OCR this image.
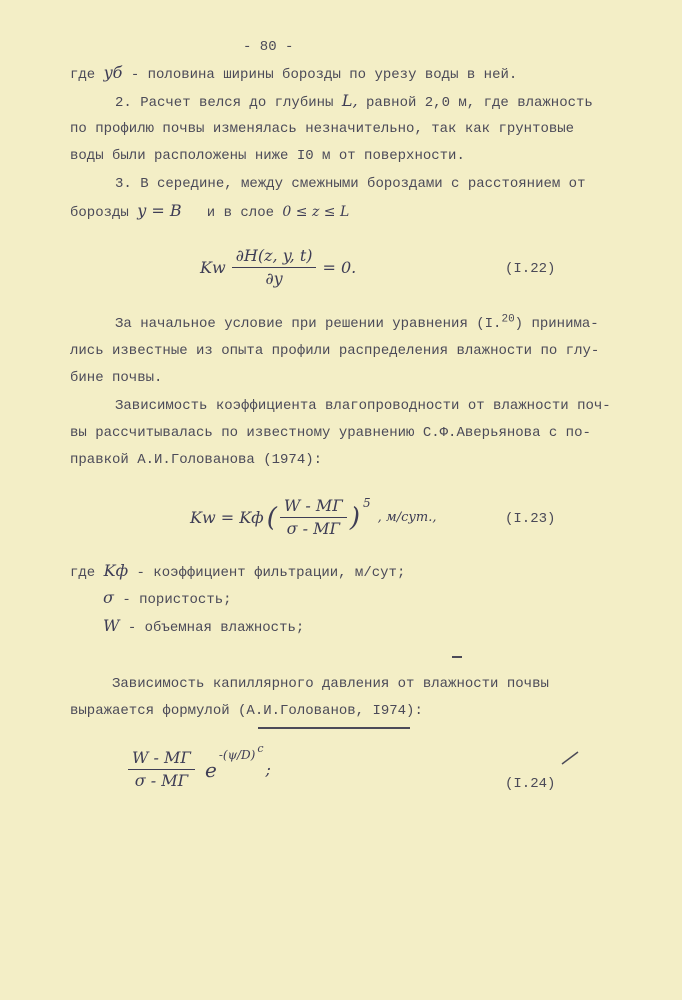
- 80 -
где yб - половина ширины борозды по урезу воды в ней.
2. Расчет велся до глубины L, равной 2,0 м, где влажность
по профилю почвы изменялась незначительно, так как грунтовые
воды были расположены ниже I0 м от поверхности.
3. В середине, между смежными бороздами с расстоянием от
борозды y = B   и в слое 0 ≤ z ≤ L
Kw $\frac{\partial H(z, y, t)}{\partial y} = 0$.	(I.22)
За начальное условие при решении уравнения (I.$^{20}$) принима-
лись известные из опыта профили распределения влажности по глу-
бине почвы.
Зависимость коэффициента влагопроводности от влажности поч-
вы рассчитывалась по известному уравнению С.Ф.Аверьянова с по-
правкой А.И.Голованова (1974):
Kw = Kф ( $\frac{W - МГ}{\sigma - МГ}$ ) 5
, м/сут.,	(I.23)
где Kф - коэффициент фильтрации, м/сут;
σ - пористость;
W - объемная влажность;
Зависимость капиллярного давления от влажности почвы
выражается формулой (А.И.Голованов, I974):
$\frac{W - МГ}{\sigma - МГ}$ e
-(ψ/D) c
;
(I.24)
